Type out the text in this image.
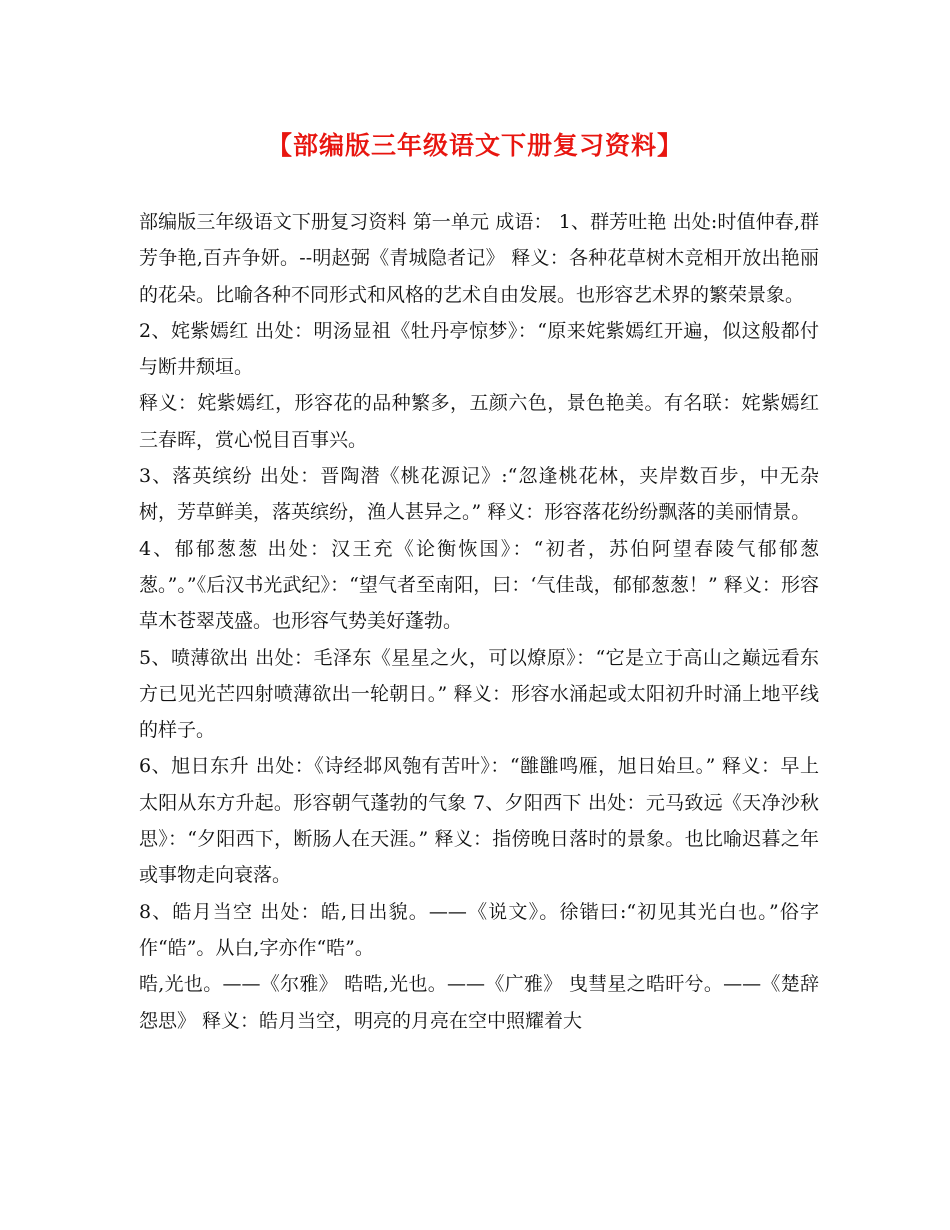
【部编版三年级语文下册复习资料】

部编版三年级语文下册复习资料 第一单元 成语： 1、群芳吐艳 出处:时值仲春,群芳争艳,百卉争妍。--明赵弼《青城隐者记》 释义：各种花草树木竞相开放出艳丽的花朵。比喻各种不同形式和风格的艺术自由发展。也形容艺术界的繁荣景象。

2、姹紫嫣红 出处：明汤显祖《牡丹亭惊梦》：“原来姹紫嫣红开遍，似这般都付与断井颓垣。

释义：姹紫嫣红，形容花的品种繁多，五颜六色，景色艳美。有名联：姹紫嫣红三春晖，赏心悦目百事兴。

3、落英缤纷 出处：晋陶潜《桃花源记》:“忽逢桃花林，夹岸数百步，中无杂树，芳草鲜美，落英缤纷，渔人甚异之。” 释义：形容落花纷纷飘落的美丽情景。

4、郁郁葱葱 出处：汉王充《论衡恢国》：“初者，苏伯阿望春陵气郁郁葱葱。”。”《后汉书光武纪》：“望气者至南阳，曰：‘气佳哉，郁郁葱葱！” 释义：形容草木苍翠茂盛。也形容气势美好蓬勃。

5、喷薄欲出 出处：毛泽东《星星之火，可以燎原》：“它是立于高山之巅远看东方已见光芒四射喷薄欲出一轮朝日。” 释义：形容水涌起或太阳初升时涌上地平线的样子。

6、旭日东升 出处：《诗经邶风匏有苦叶》：“雝雝鸣雁，旭日始旦。” 释义：早上太阳从东方升起。形容朝气蓬勃的气象 7、夕阳西下 出处：元马致远《天净沙秋思》：“夕阳西下，断肠人在天涯。” 释义：指傍晚日落时的景象。也比喻迟暮之年或事物走向衰落。

8、皓月当空 出处：皓,日出貌。——《说文》。徐锴曰:“初见其光白也。”俗字作“皓”。从白,字亦作“晧”。

晧,光也。——《尔雅》 晧晧,光也。——《广雅》 曳彗星之晧旰兮。——《楚辞怨思》 释义：皓月当空，明亮的月亮在空中照耀着大
